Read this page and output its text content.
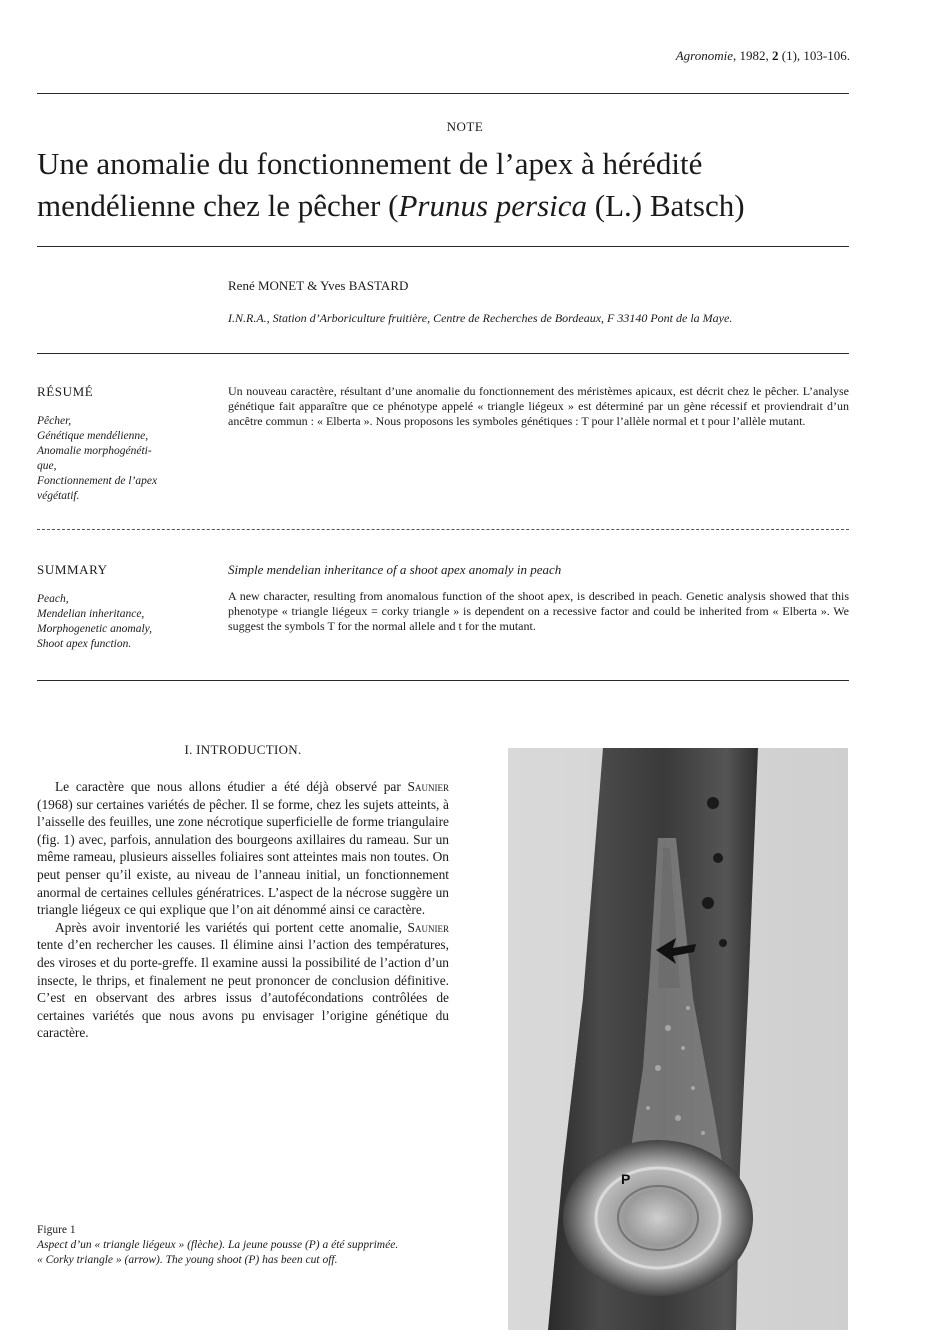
Agronomie, 1982, 2 (1), 103-106.
NOTE
Une anomalie du fonctionnement de l’apex à hérédité
mendélienne chez le pêcher (Prunus persica (L.) Batsch)
René MONET & Yves BASTARD
I.N.R.A., Station d’Arboriculture fruitière, Centre de Recherches de Bordeaux, F 33140 Pont de la Maye.
RÉSUMÉ
Pêcher,
Génétique mendélienne,
Anomalie morphogénéti-
que,
Fonctionnement de l’apex
végétatif.
Un nouveau caractère, résultant d’une anomalie du fonctionnement des méristèmes apicaux, est décrit chez le pêcher. L’analyse génétique fait apparaître que ce phénotype appelé « triangle liégeux » est déterminé par un gène récessif et proviendrait d’un ancêtre commun : « Elberta ». Nous proposons les symboles génétiques : T pour l’allèle normal et t pour l’allèle mutant.
SUMMARY
Peach,
Mendelian inheritance,
Morphogenetic anomaly,
Shoot apex function.
Simple mendelian inheritance of a shoot apex anomaly in peach
A new character, resulting from anomalous function of the shoot apex, is described in peach. Genetic analysis showed that this phenotype « triangle liégeux = corky triangle » is dependent on a recessive factor and could be inherited from « Elberta ». We suggest the symbols T for the normal allele and t for the mutant.
I. INTRODUCTION.

Le caractère que nous allons étudier a été déjà observé par Saunier (1968) sur certaines variétés de pêcher. Il se forme, chez les sujets atteints, à l’aisselle des feuilles, une zone nécrotique superficielle de forme triangulaire (fig. 1) avec, parfois, annulation des bourgeons axillaires du rameau. Sur un même rameau, plusieurs aisselles foliaires sont atteintes mais non toutes. On peut penser qu’il existe, au niveau de l’anneau initial, un fonctionnement anormal de certaines cellules génératrices. L’aspect de la nécrose suggère un triangle liégeux ce qui explique que l’on ait dénommé ainsi ce caractère.

Après avoir inventorié les variétés qui portent cette anomalie, Saunier tente d’en rechercher les causes. Il élimine ainsi l’action des températures, des viroses et du porte-greffe. Il examine aussi la possibilité de l’action d’un insecte, le thrips, et finalement ne peut prononcer de conclusion définitive. C’est en observant des arbres issus d’autofécondations contrôlées de certaines variétés que nous avons pu envisager l’origine génétique du caractère.

Figure 1
Aspect d’un « triangle liégeux » (flèche). La jeune pousse (P) a été supprimée.
« Corky triangle » (arrow). The young shoot (P) has been cut off.
P
